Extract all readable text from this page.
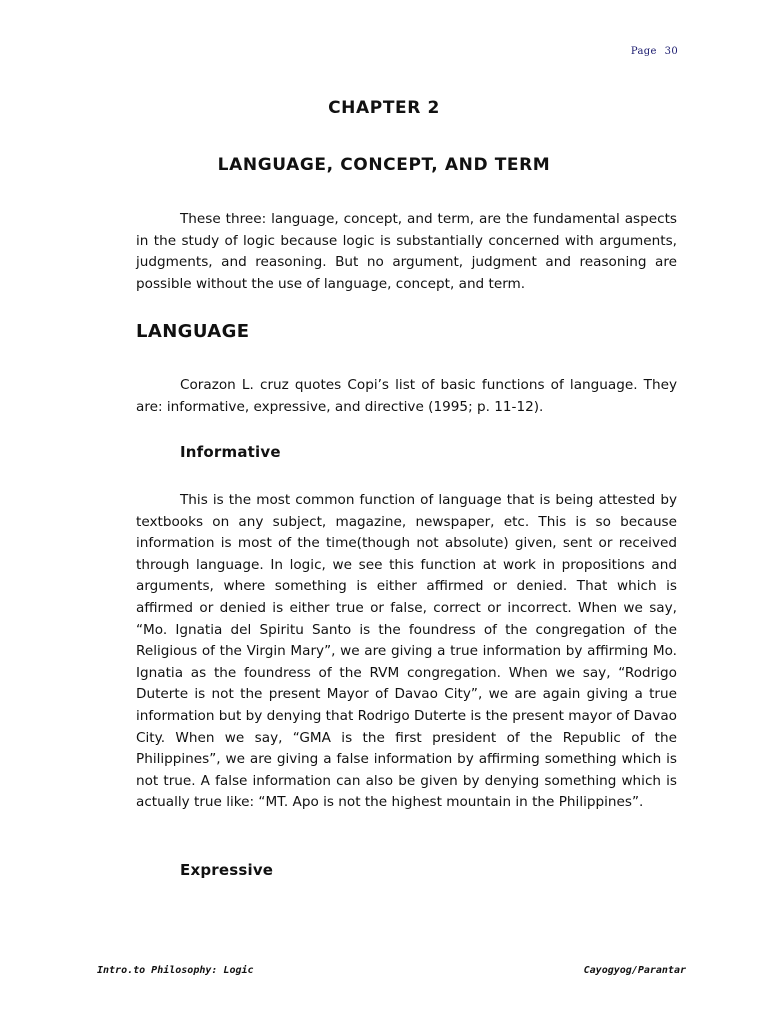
Page 30
CHAPTER 2
LANGUAGE, CONCEPT, AND TERM

These three: language, concept, and term, are the fundamental aspects in the study of logic because logic is substantially concerned with arguments, judgments, and reasoning. But no argument, judgment and reasoning are possible without the use of language, concept, and term.

LANGUAGE

Corazon L. cruz quotes Copi’s list of basic functions of language. They are: informative, expressive, and directive (1995; p. 11-12).

Informative

This is the most common function of language that is being attested by textbooks on any subject, magazine, newspaper, etc. This is so because information is most of the time(though not absolute) given, sent or received through language. In logic, we see this function at work in propositions and arguments, where something is either affirmed or denied. That which is affirmed or denied is either true or false, correct or incorrect. When we say, “Mo. Ignatia del Spiritu Santo is the foundress of the congregation of the Religious of the Virgin Mary”, we are giving a true information by affirming Mo. Ignatia as the foundress of the RVM congregation. When we say, “Rodrigo Duterte is not the present Mayor of Davao City”, we are again giving a true information but by denying that Rodrigo Duterte is the present mayor of Davao City. When we say, “GMA is the first president of the Republic of the Philippines”, we are giving a false information by affirming something which is not true. A false information can also be given by denying something which is actually true like: “MT. Apo is not the highest mountain in the Philippines”.

Expressive
Intro.to Philosophy: Logic	Cayogyog/Parantar
